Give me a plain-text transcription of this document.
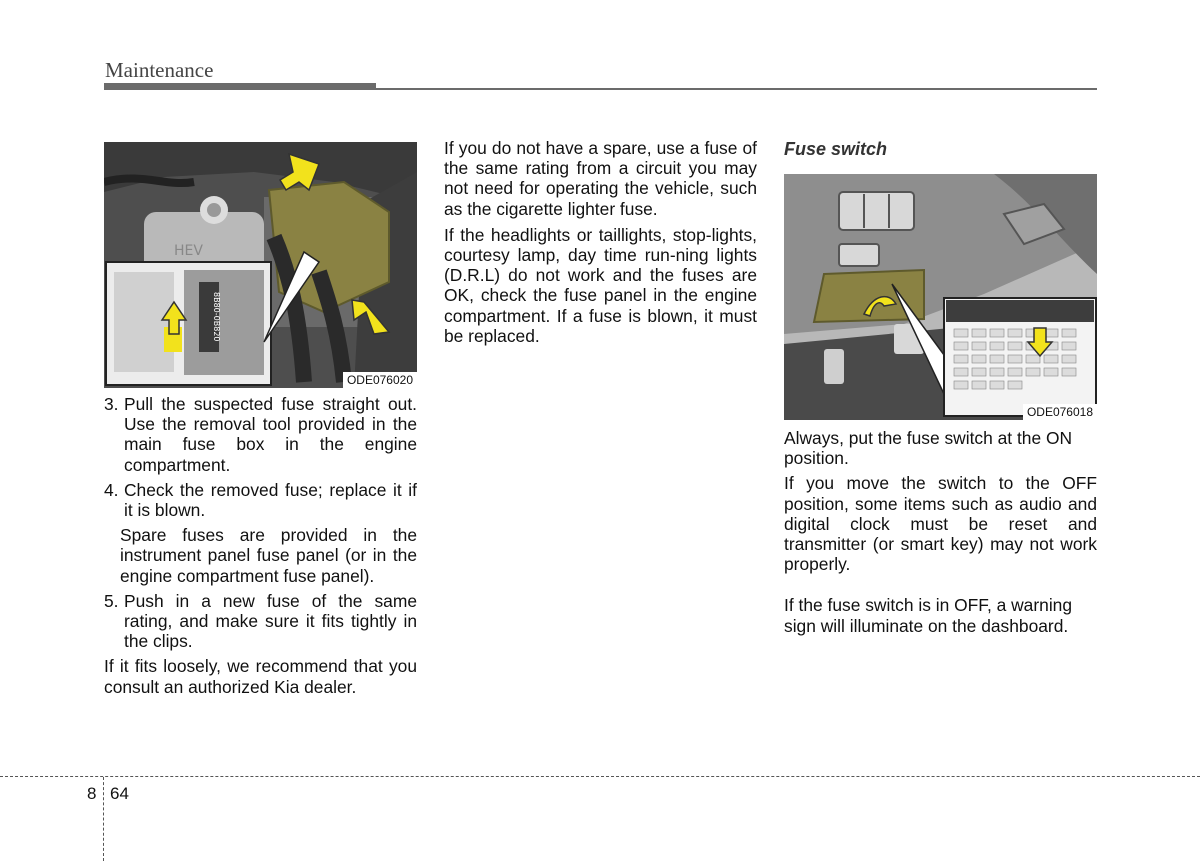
Maintenance
HEV
8B80-0B820
ODE076020
3. Pull the suspected fuse straight out. Use the removal tool provided in the main fuse box in the engine compartment.
4. Check the removed fuse; replace it if it is blown.
Spare fuses are provided in the instrument panel fuse panel (or in the engine compartment fuse panel).
5. Push in a new fuse of the same rating, and make sure it fits tightly in the clips.

If it fits loosely, we recommend that you consult an authorized Kia dealer.

If you do not have a spare, use a fuse of the same rating from a circuit you may not need for operating the vehicle, such as the cigarette lighter fuse.

If the headlights or taillights, stop-lights, courtesy lamp, day time run-ning lights (D.R.L) do not work and the fuses are OK, check the fuse panel in the engine compartment. If a fuse is blown, it must be replaced.

Fuse switch
ODE076018

Always, put the fuse switch at the ON position.

If you move the switch to the OFF position, some items such as audio and digital clock must be reset and transmitter (or smart key) may not work properly.

If the fuse switch is in OFF, a warning sign will illuminate on the dashboard.

8 64
